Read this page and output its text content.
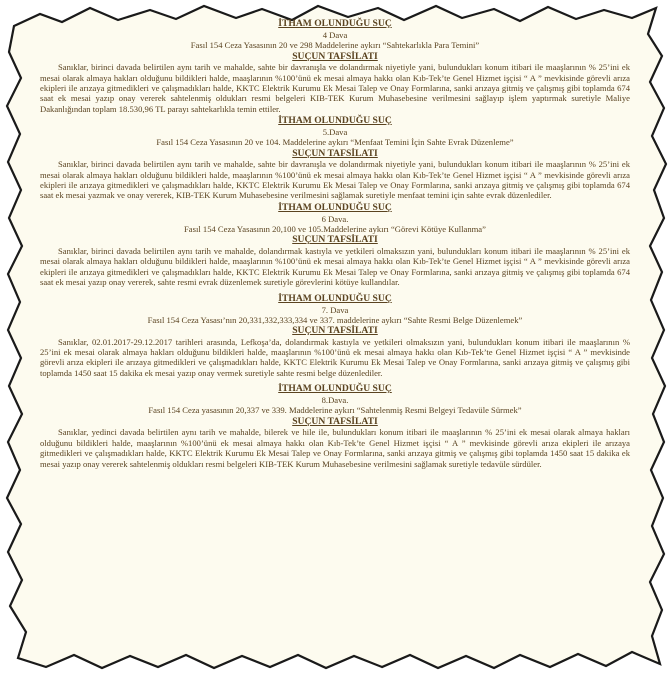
İTHAM OLUNDUĞU SUÇ

4 Dava

Fasıl 154 Ceza Yasasının 20 ve 298 Maddelerine aykırı “Sahtekarlıkla Para Temini”

SUÇUN TAFSİLATI

Sanıklar, birinci davada belirtilen aynı tarih ve mahalde, sahte bir davranışla ve dolandırmak niyetiyle yani, bulundukları konum itibari ile maaşlarının % 25’ini ek mesai olarak almaya hakları olduğunu bildikleri halde, maaşlarının %100’ünü ek mesai almaya hakkı olan Kıb-Tek’te Genel Hizmet işçisi “ A ” mevkisinde görevli arıza ekipleri ile arızaya gitmedikleri ve çalışmadıkları halde, KKTC Elektrik Kurumu Ek Mesai Talep ve Onay Formlarına, sanki arızaya gitmiş ve çalışmış gibi toplamda 674 saat ek mesai yazıp onay vererek sahtelenmiş oldukları resmi belgeleri KIB-TEK Kurum Muhasebesine verilmesini sağlayıp işlem yaptırmak suretiyle Maliye Dakanlığından toplam 18.530,96 TL parayı sahtekarlıkla temin ettiler.

İTHAM OLUNDUĞU SUÇ

5.Dava

Fasıl 154 Ceza Yasasının 20 ve 104. Maddelerine aykırı “Menfaat Temini İçin Sahte Evrak Düzenleme”

SUÇUN TAFSİLATI

Sanıklar, birinci davada belirtilen aynı tarih ve mahalde, sahte bir davranışla ve dolandırmak niyetiyle yani, bulundukları konum itibari ile maaşlarının % 25’ini ek mesai olarak almaya hakları olduğunu bildikleri halde, maaşlarının %100’ünü ek mesai almaya hakkı olan Kıb-Tek’te Genel Hizmet işçisi “ A ” mevkisinde görevli arıza ekipleri ile arızaya gitmedikleri ve çalışmadıkları halde, KKTC Elektrik Kurumu Ek Mesai Talep ve Onay Formlarına, sanki arızaya gitmiş ve çalışmış gibi toplamda 674 saat ek mesai yazmak ve onay vererek, KIB-TEK Kurum Muhasebesine verilmesini sağlamak suretiyle menfaat temini için sahte evrak düzenlediler.

İTHAM OLUNDUĞU SUÇ

6 Dava.

Fasıl 154 Ceza Yasasının 20,100 ve 105.Maddelerine aykırı “Görevi Kötüye Kullanma”

SUÇUN TAFSİLATI

Sanıklar, birinci davada belirtilen aynı tarih ve mahalde, dolandırmak kastıyla ve yetkileri olmaksızın yani, bulundukları konum itibari ile maaşlarının % 25’ini ek mesai olarak almaya hakları olduğunu bildikleri halde, maaşlarının %100’ünü ek mesai almaya hakkı olan Kıb-Tek’te Genel Hizmet işçisi “ A ” mevkisinde görevli arıza ekipleri ile arızaya gitmedikleri ve çalışmadıkları halde, KKTC Elektrik Kurumu Ek Mesai Talep ve Onay Formlarına, sanki arızaya gitmiş ve çalışmış gibi toplamda 674 saat ek mesai yazıp onay vererek, sahte resmi evrak düzenlemek suretiyle görevlerini kötüye kullandılar.

İTHAM OLUNDUĞU SUÇ

7. Dava

Fasıl 154 Ceza Yasası’nın 20,331,332,333,334 ve 337. maddelerine aykırı “Sahte Resmi Belge Düzenlemek”

SUÇUN TAFSİLATI

Sanıklar, 02.01.2017-29.12.2017 tarihleri arasında, Lefkoşa’da, dolandırmak kastıyla ve yetkileri olmaksızın yani, bulundukları konum itibari ile maaşlarının % 25’ini ek mesai olarak almaya hakları olduğunu bildikleri halde, maaşlarının %100’ünü ek mesai almaya hakkı olan Kıb-Tek’te Genel Hizmet işçisi “ A ” mevkisinde görevli arıza ekipleri ile arızaya gitmedikleri ve çalışmadıkları halde, KKTC Elektrik Kurumu Ek Mesai Talep ve Onay Formlarına, sanki arızaya gitmiş ve çalışmış gibi toplamda 1450 saat 15 dakika ek mesai yazıp onay vermek suretiyle sahte resmi belge düzenlediler.

İTHAM OLUNDUĞU SUÇ

8.Dava.

Fasıl 154 Ceza yasasının 20,337 ve 339. Maddelerine aykırı “Sahtelenmiş Resmi Belgeyi Tedavüle Sürmek”

SUÇUN TAFSİLATI

Sanıklar, yedinci davada belirtilen aynı tarih ve mahalde, bilerek ve hile ile, bulundukları konum itibari ile maaşlarının % 25’ini ek mesai olarak almaya hakları olduğunu bildikleri halde, maaşlarının %100’ünü ek mesai almaya hakkı olan Kıb-Tek’te Genel Hizmet işçisi “ A ” mevkisinde görevli arıza ekipleri ile arızaya gitmedikleri ve çalışmadıkları halde, KKTC Elektrik Kurumu Ek Mesai Talep ve Onay Formlarına, sanki arızaya gitmiş ve çalışmış gibi toplamda 1450 saat 15 dakika ek mesai yazıp onay vererek sahtelenmiş oldukları resmi belgeleri KIB-TEK Kurum Muhasebesine verilmesini sağlamak suretiyle tedavüle sürdüler.
